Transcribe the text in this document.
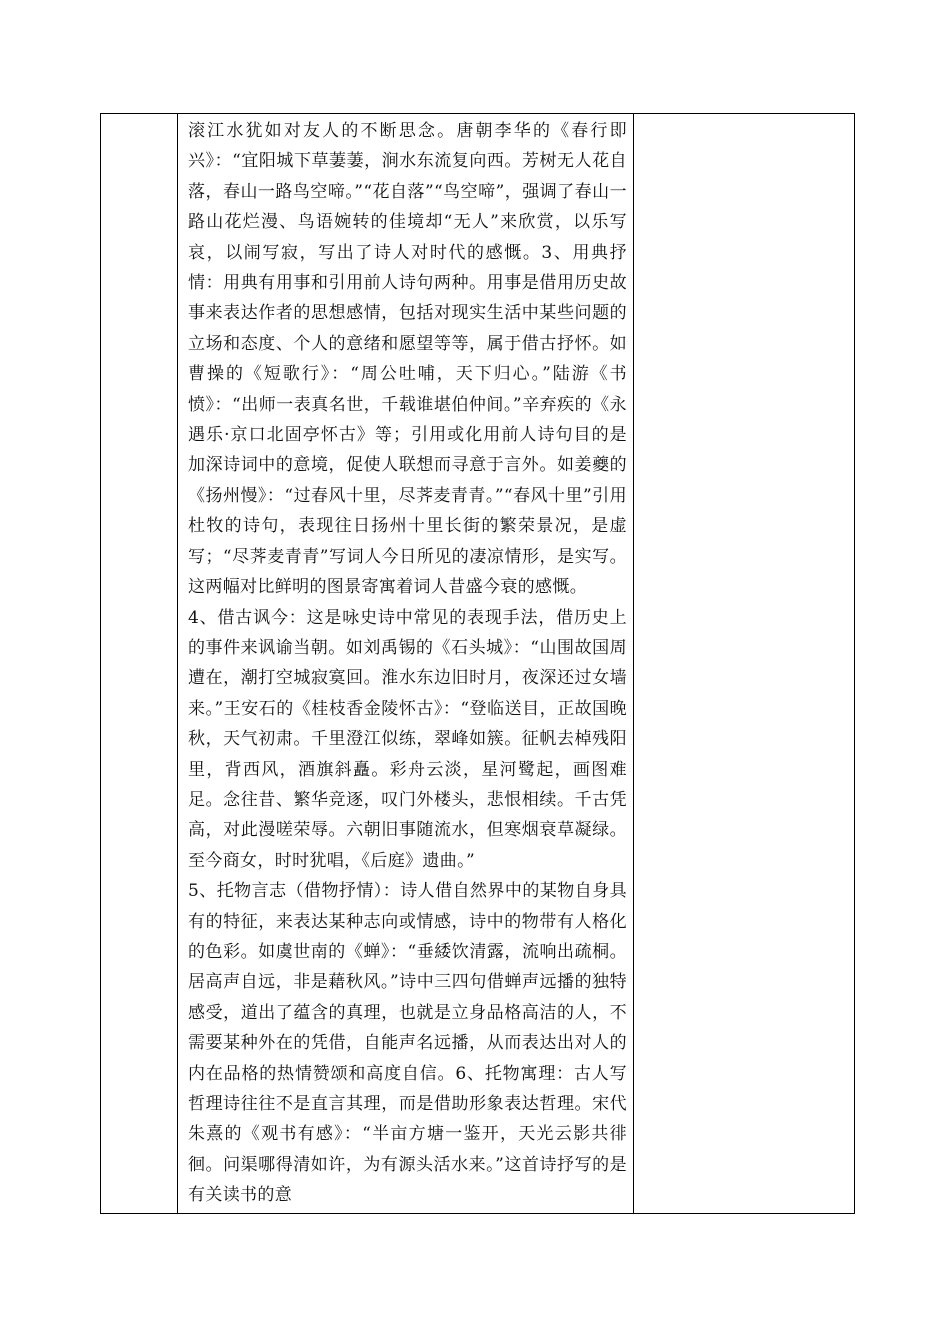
滚江水犹如对友人的不断思念。唐朝李华的《春行即兴》：“宜阳城下草萋萋，涧水东流复向西。芳树无人花自落，春山一路鸟空啼。”“花自落”“鸟空啼”，强调了春山一路山花烂漫、鸟语婉转的佳境却“无人”来欣赏，以乐写哀，以闹写寂，写出了诗人对时代的感慨。3、用典抒情：用典有用事和引用前人诗句两种。用事是借用历史故事来表达作者的思想感情，包括对现实生活中某些问题的立场和态度、个人的意绪和愿望等等，属于借古抒怀。如曹操的《短歌行》：“周公吐哺，天下归心。”陆游《书愤》：“出师一表真名世，千载谁堪伯仲间。”辛弃疾的《永遇乐·京口北固亭怀古》等；引用或化用前人诗句目的是加深诗词中的意境，促使人联想而寻意于言外。如姜夔的《扬州慢》：“过春风十里，尽荠麦青青。”“春风十里”引用杜牧的诗句，表现往日扬州十里长街的繁荣景况，是虚写；“尽荠麦青青”写词人今日所见的凄凉情形，是实写。这两幅对比鲜明的图景寄寓着词人昔盛今衰的感慨。

4、借古讽今：这是咏史诗中常见的表现手法，借历史上的事件来讽谕当朝。如刘禹锡的《石头城》：“山围故国周遭在，潮打空城寂寞回。淮水东边旧时月，夜深还过女墙来。”王安石的《桂枝香金陵怀古》：“登临送目，正故国晚秋，天气初肃。千里澄江似练，翠峰如簇。征帆去棹残阳里，背西风，酒旗斜矗。彩舟云淡，星河鹭起，画图难足。念往昔、繁华竞逐，叹门外楼头，悲恨相续。千古凭高，对此漫嗟荣辱。六朝旧事随流水，但寒烟衰草凝绿。至今商女，时时犹唱，《后庭》遗曲。”

5、托物言志（借物抒情）：诗人借自然界中的某物自身具有的特征，来表达某种志向或情感，诗中的物带有人格化的色彩。如虞世南的《蝉》：“垂緌饮清露，流响出疏桐。居高声自远，非是藉秋风。”诗中三四句借蝉声远播的独特感受，道出了蕴含的真理，也就是立身品格高洁的人，不需要某种外在的凭借，自能声名远播，从而表达出对人的内在品格的热情赞颂和高度自信。6、托物寓理：古人写哲理诗往往不是直言其理，而是借助形象表达哲理。宋代朱熹的《观书有感》：“半亩方塘一鉴开，天光云影共徘徊。问渠哪得清如许，为有源头活水来。”这首诗抒写的是有关读书的意
